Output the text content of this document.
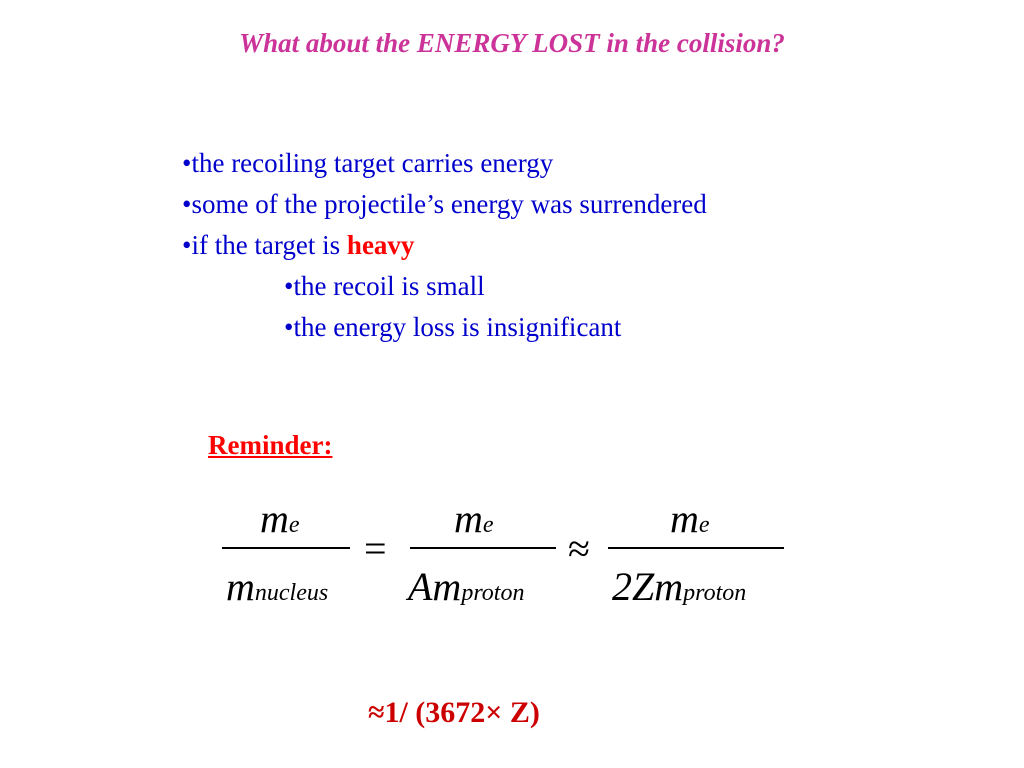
What about the ENERGY LOST in the collision?
•the recoiling target carries energy
•some of the projectile’s energy was surrendered
•if the target is heavy
•the recoil is small
•the energy loss is insignificant
Reminder:
me
mnucleus
=
me
Amproton
≈
me
2Zmproton
≈1/ (3672× Z)
